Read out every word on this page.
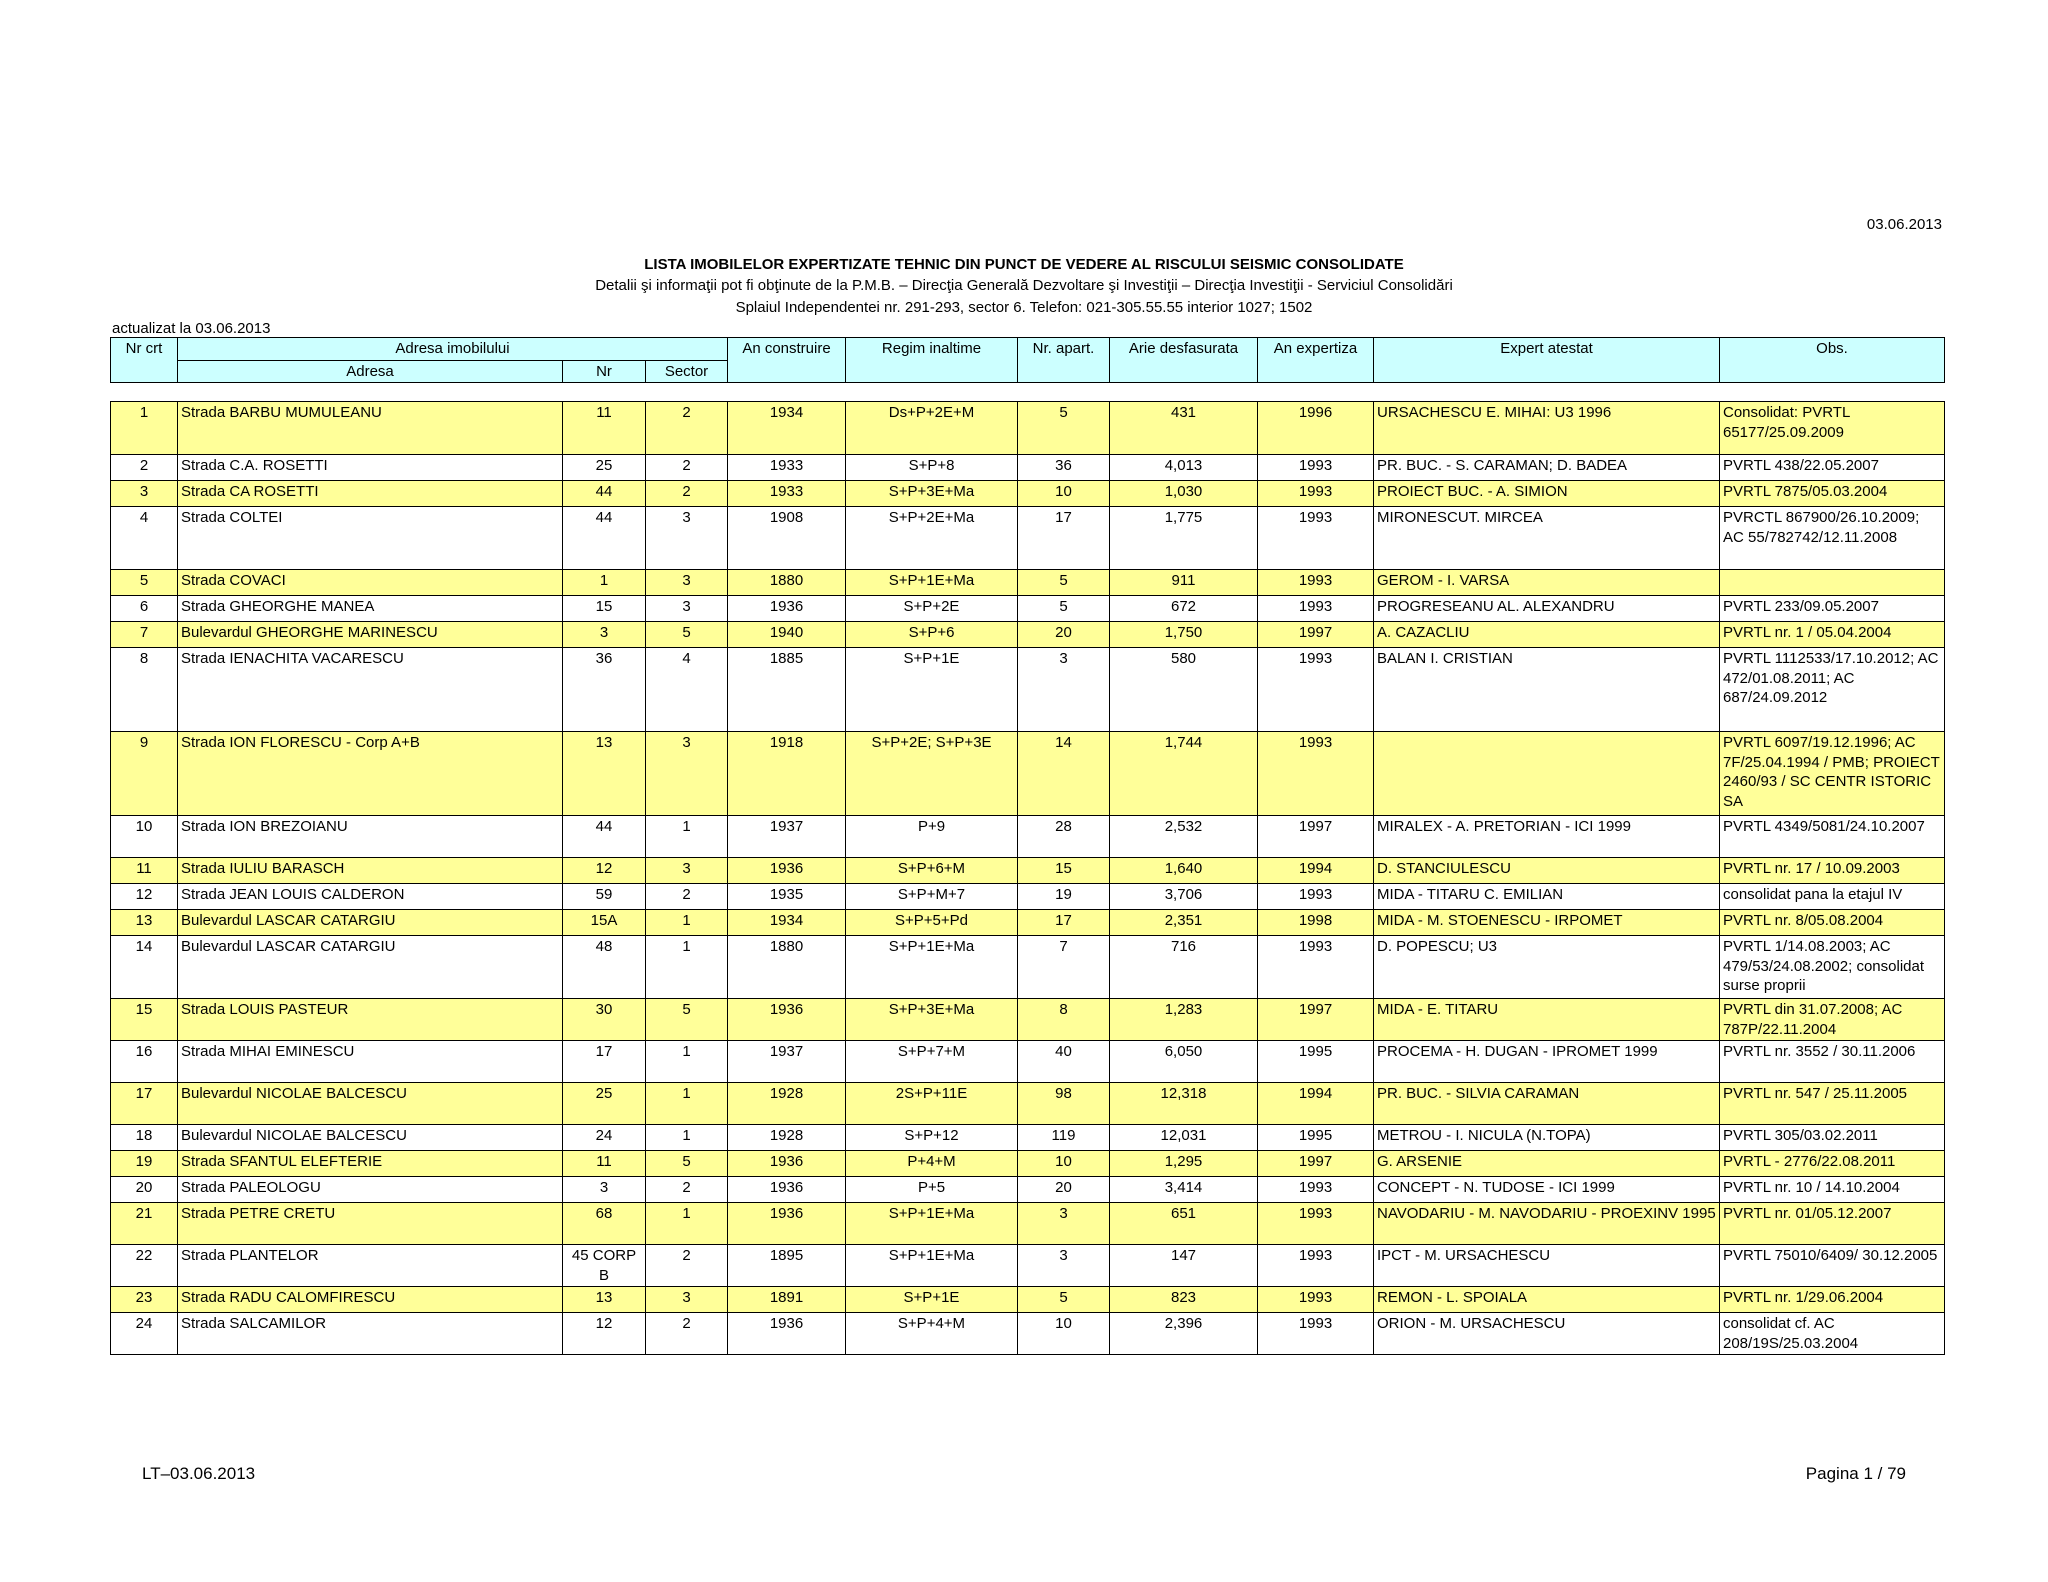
03.06.2013
LISTA IMOBILELOR EXPERTIZATE TEHNIC DIN PUNCT DE VEDERE AL RISCULUI SEISMIC CONSOLIDATE
Detalii şi informaţii pot fi obţinute de la P.M.B. – Direcţia Generală Dezvoltare şi Investiţii – Direcţia Investiţii - Serviciul Consolidări
Splaiul Independentei nr. 291-293, sector 6. Telefon: 021-305.55.55 interior 1027; 1502
actualizat la 03.06.2013
Nr crt	Adresa imobilului			An construire	Regim inaltime	Nr. apart.	Arie desfasurata	An expertiza	Expert atestat	Obs.
	Adresa	Nr	Sector							
1	Strada BARBU MUMULEANU	11	2	1934	Ds+P+2E+M	5	431	1996	URSACHESCU E. MIHAI: U3 1996	Consolidat: PVRTL 65177/25.09.2009
2	Strada C.A. ROSETTI	25	2	1933	S+P+8	36	4,013	1993	PR. BUC. - S. CARAMAN; D. BADEA	PVRTL 438/22.05.2007
3	Strada CA ROSETTI	44	2	1933	S+P+3E+Ma	10	1,030	1993	PROIECT BUC. - A. SIMION	PVRTL 7875/05.03.2004
4	Strada COLTEI	44	3	1908	S+P+2E+Ma	17	1,775	1993	MIRONESCUT. MIRCEA	PVRCTL 867900/26.10.2009; AC 55/782742/12.11.2008
5	Strada COVACI	1	3	1880	S+P+1E+Ma	5	911	1993	GEROM - I. VARSA	
6	Strada GHEORGHE MANEA	15	3	1936	S+P+2E	5	672	1993	PROGRESEANU AL. ALEXANDRU	PVRTL 233/09.05.2007
7	Bulevardul GHEORGHE MARINESCU	3	5	1940	S+P+6	20	1,750	1997	A. CAZACLIU	PVRTL nr. 1 / 05.04.2004
8	Strada IENACHITA VACARESCU	36	4	1885	S+P+1E	3	580	1993	BALAN I. CRISTIAN	PVRTL 1112533/17.10.2012; AC 472/01.08.2011; AC 687/24.09.2012
9	Strada ION FLORESCU - Corp A+B	13	3	1918	S+P+2E; S+P+3E	14	1,744	1993		PVRTL 6097/19.12.1996; AC 7F/25.04.1994 / PMB; PROIECT 2460/93 / SC CENTR ISTORIC SA
10	Strada ION BREZOIANU	44	1	1937	P+9	28	2,532	1997	MIRALEX - A. PRETORIAN - ICI 1999	PVRTL 4349/5081/24.10.2007
11	Strada IULIU BARASCH	12	3	1936	S+P+6+M	15	1,640	1994	D. STANCIULESCU	PVRTL nr. 17 / 10.09.2003
12	Strada JEAN LOUIS CALDERON	59	2	1935	S+P+M+7	19	3,706	1993	MIDA - TITARU C. EMILIAN	consolidat pana la etajul IV
13	Bulevardul LASCAR CATARGIU	15A	1	1934	S+P+5+Pd	17	2,351	1998	MIDA - M. STOENESCU - IRPOMET	PVRTL nr. 8/05.08.2004
14	Bulevardul LASCAR CATARGIU	48	1	1880	S+P+1E+Ma	7	716	1993	D. POPESCU; U3	PVRTL 1/14.08.2003; AC 479/53/24.08.2002; consolidat surse proprii
15	Strada LOUIS PASTEUR	30	5	1936	S+P+3E+Ma	8	1,283	1997	MIDA - E. TITARU	PVRTL din 31.07.2008; AC 787P/22.11.2004
16	Strada MIHAI EMINESCU	17	1	1937	S+P+7+M	40	6,050	1995	PROCEMA - H. DUGAN - IPROMET 1999	PVRTL nr. 3552 / 30.11.2006
17	Bulevardul NICOLAE BALCESCU	25	1	1928	2S+P+11E	98	12,318	1994	PR. BUC. - SILVIA CARAMAN	PVRTL nr. 547 / 25.11.2005
18	Bulevardul NICOLAE BALCESCU	24	1	1928	S+P+12	119	12,031	1995	METROU - I. NICULA (N.TOPA)	PVRTL 305/03.02.2011
19	Strada SFANTUL ELEFTERIE	11	5	1936	P+4+M	10	1,295	1997	G. ARSENIE	PVRTL - 2776/22.08.2011
20	Strada PALEOLOGU	3	2	1936	P+5	20	3,414	1993	CONCEPT - N. TUDOSE - ICI 1999	PVRTL nr. 10 / 14.10.2004
21	Strada PETRE CRETU	68	1	1936	S+P+1E+Ma	3	651	1993	NAVODARIU - M. NAVODARIU - PROEXINV 1995	PVRTL nr. 01/05.12.2007
22	Strada PLANTELOR	45 CORP B	2	1895	S+P+1E+Ma	3	147	1993	IPCT - M. URSACHESCU	PVRTL 75010/6409/ 30.12.2005
23	Strada RADU CALOMFIRESCU	13	3	1891	S+P+1E	5	823	1993	REMON - L. SPOIALA	PVRTL nr. 1/29.06.2004
24	Strada SALCAMILOR	12	2	1936	S+P+4+M	10	2,396	1993	ORION - M. URSACHESCU	consolidat cf. AC 208/19S/25.03.2004
LT–03.06.2013	Pagina 1 / 79
